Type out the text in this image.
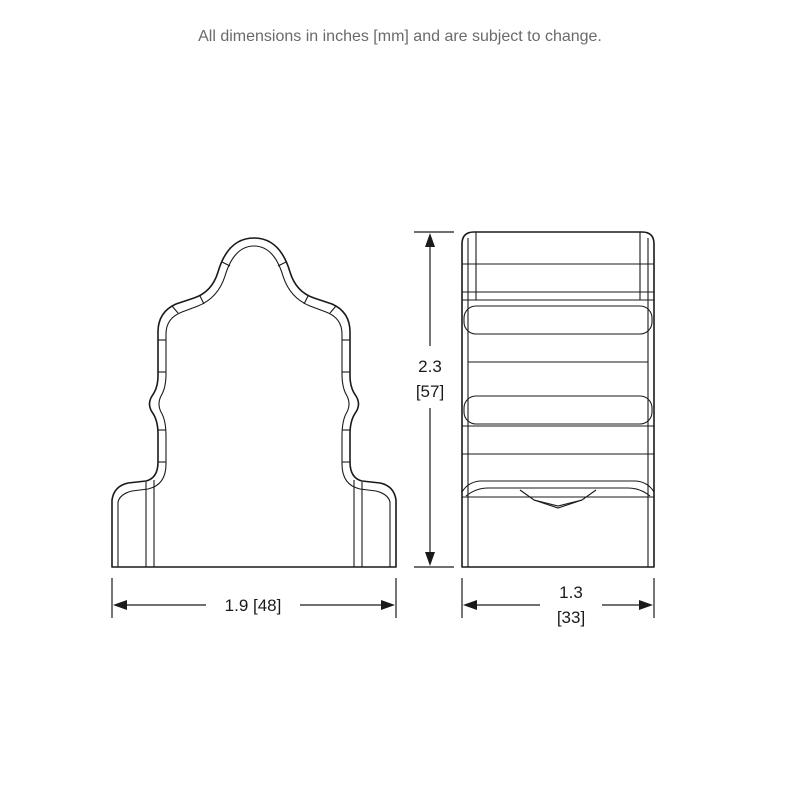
All dimensions in inches [mm] and are subject to change.
1.9 [48]
2.3
[57]
1.3
[33]
